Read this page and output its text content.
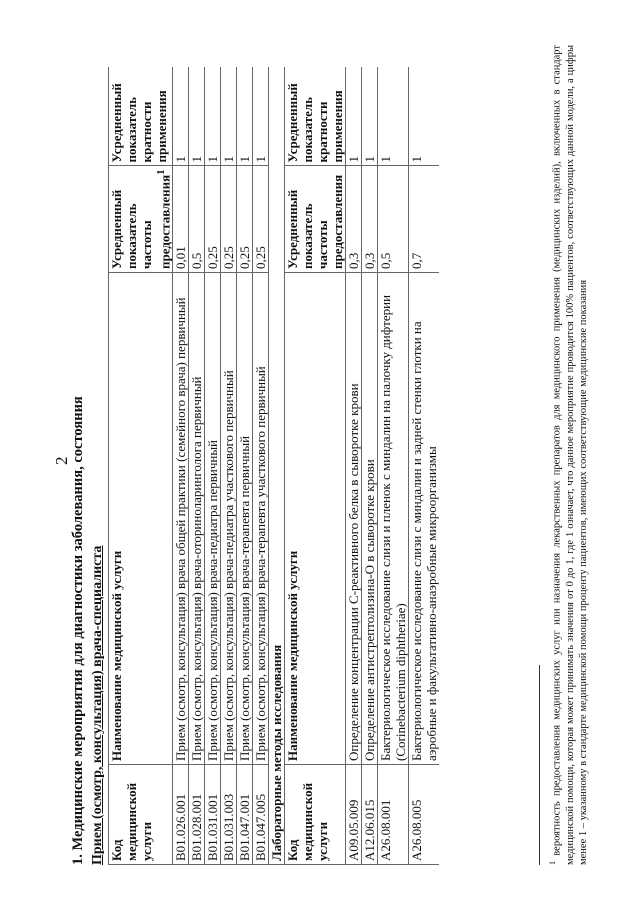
2 1. Медицинские мероприятия для диагностики заболевания, состояния Прием (осмотр, консультация) врача-специалиста Код медицинской услуги	Наименование медицинской услуги	Усредненный показатель частоты предоставления$^1$	Усредненный показатель кратности применения
B01.026.001	Прием (осмотр, консультация) врача общей практики (семейного врача) первичный	0,01	1
B01.028.001	Прием (осмотр, консультация) врача-оториноларинголога первичный	0,5	1
B01.031.001	Прием (осмотр, консультация) врача-педиатра первичный	0,25	1
B01.031.003	Прием (осмотр, консультация) врача-педиатра участкового первичный	0,25	1
B01.047.001	Прием (осмотр, консультация) врача-терапевта первичный	0,25	1
B01.047.005	Прием (осмотр, консультация) врача-терапевта участкового первичный	0,25	1
Лабораторные методы исследования			
Код медицинской услуги	Наименование медицинской услуги	Усредненный показатель частоты предоставления	Усредненный показатель кратности применения
A09.05.009	Определение концентрации С-реактивного белка в сыворотке крови	0,3	1
A12.06.015	Определение антистрептолизина-О в сыворотке крови	0,3	1
A26.08.001	Бактериологическое исследование слизи и пленок с миндалин на палочку дифтерии (Corinebacterium diphtheriae)	0,5	1
A26.08.005	Бактериологическое исследование слизи с миндалин и задней стенки глотки на аэробные и факультативно-анаэробные микроорганизмы	0,7	1
$^1$ вероятность предоставления медицинских услуг или назначения лекарственных препаратов для медицинского применения (медицинских изделий), включенных в стандарт медицинской помощи, которая может принимать значения от 0 до 1, где 1 означает, что данное мероприятие проводится 100% пациентов, соответствующих данной модели, а цифры менее 1 – указанному в стандарте медицинской помощи проценту пациентов, имеющих соответствующие медицинские показания
